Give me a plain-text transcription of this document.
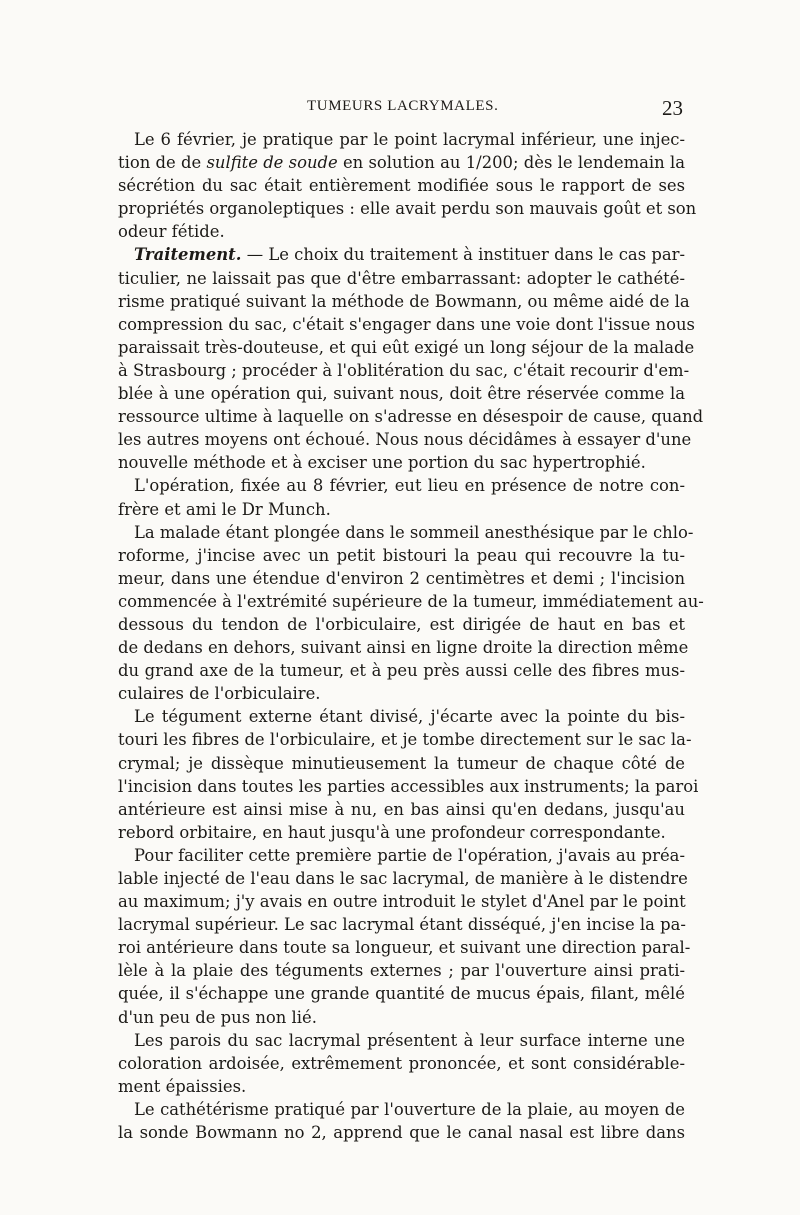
TUMEURS LACRYMALES.	23
Le 6 février, je pratique par le point lacrymal inférieur, une injec-
tion de de sulfite de soude en solution au 1/200; dès le lendemain la
sécrétion du sac était entièrement modifiée sous le rapport de ses
propriétés organoleptiques : elle avait perdu son mauvais goût et son
odeur fétide.
Traitement. — Le choix du traitement à instituer dans le cas par-
ticulier, ne laissait pas que d'être embarrassant: adopter le cathété-
risme pratiqué suivant la méthode de Bowmann, ou même aidé de la
compression du sac, c'était s'engager dans une voie dont l'issue nous
paraissait très-douteuse, et qui eût exigé un long séjour de la malade
à Strasbourg ; procéder à l'oblitération du sac, c'était recourir d'em-
blée à une opération qui, suivant nous, doit être réservée comme la
ressource ultime à laquelle on s'adresse en désespoir de cause, quand
les autres moyens ont échoué. Nous nous décidâmes à essayer d'une
nouvelle méthode et à exciser une portion du sac hypertrophié.
L'opération, fixée au 8 février, eut lieu en présence de notre con-
frère et ami le Dr Munch.
La malade étant plongée dans le sommeil anesthésique par le chlo-
roforme, j'incise avec un petit bistouri la peau qui recouvre la tu-
meur, dans une étendue d'environ 2 centimètres et demi ; l'incision
commencée à l'extrémité supérieure de la tumeur, immédiatement au-
dessous du tendon de l'orbiculaire, est dirigée de haut en bas et
de dedans en dehors, suivant ainsi en ligne droite la direction même
du grand axe de la tumeur, et à peu près aussi celle des fibres mus-
culaires de l'orbiculaire.
Le tégument externe étant divisé, j'écarte avec la pointe du bis-
touri les fibres de l'orbiculaire, et je tombe directement sur le sac la-
crymal; je dissèque minutieusement la tumeur de chaque côté de
l'incision dans toutes les parties accessibles aux instruments; la paroi
antérieure est ainsi mise à nu, en bas ainsi qu'en dedans, jusqu'au
rebord orbitaire, en haut jusqu'à une profondeur correspondante.
Pour faciliter cette première partie de l'opération, j'avais au préa-
lable injecté de l'eau dans le sac lacrymal, de manière à le distendre
au maximum; j'y avais en outre introduit le stylet d'Anel par le point
lacrymal supérieur. Le sac lacrymal étant disséqué, j'en incise la pa-
roi antérieure dans toute sa longueur, et suivant une direction paral-
lèle à la plaie des téguments externes ; par l'ouverture ainsi prati-
quée, il s'échappe une grande quantité de mucus épais, filant, mêlé
d'un peu de pus non lié.
Les parois du sac lacrymal présentent à leur surface interne une
coloration ardoisée, extrêmement prononcée, et sont considérable-
ment épaissies.
Le cathétérisme pratiqué par l'ouverture de la plaie, au moyen de
la sonde Bowmann no 2, apprend que le canal nasal est libre dans
